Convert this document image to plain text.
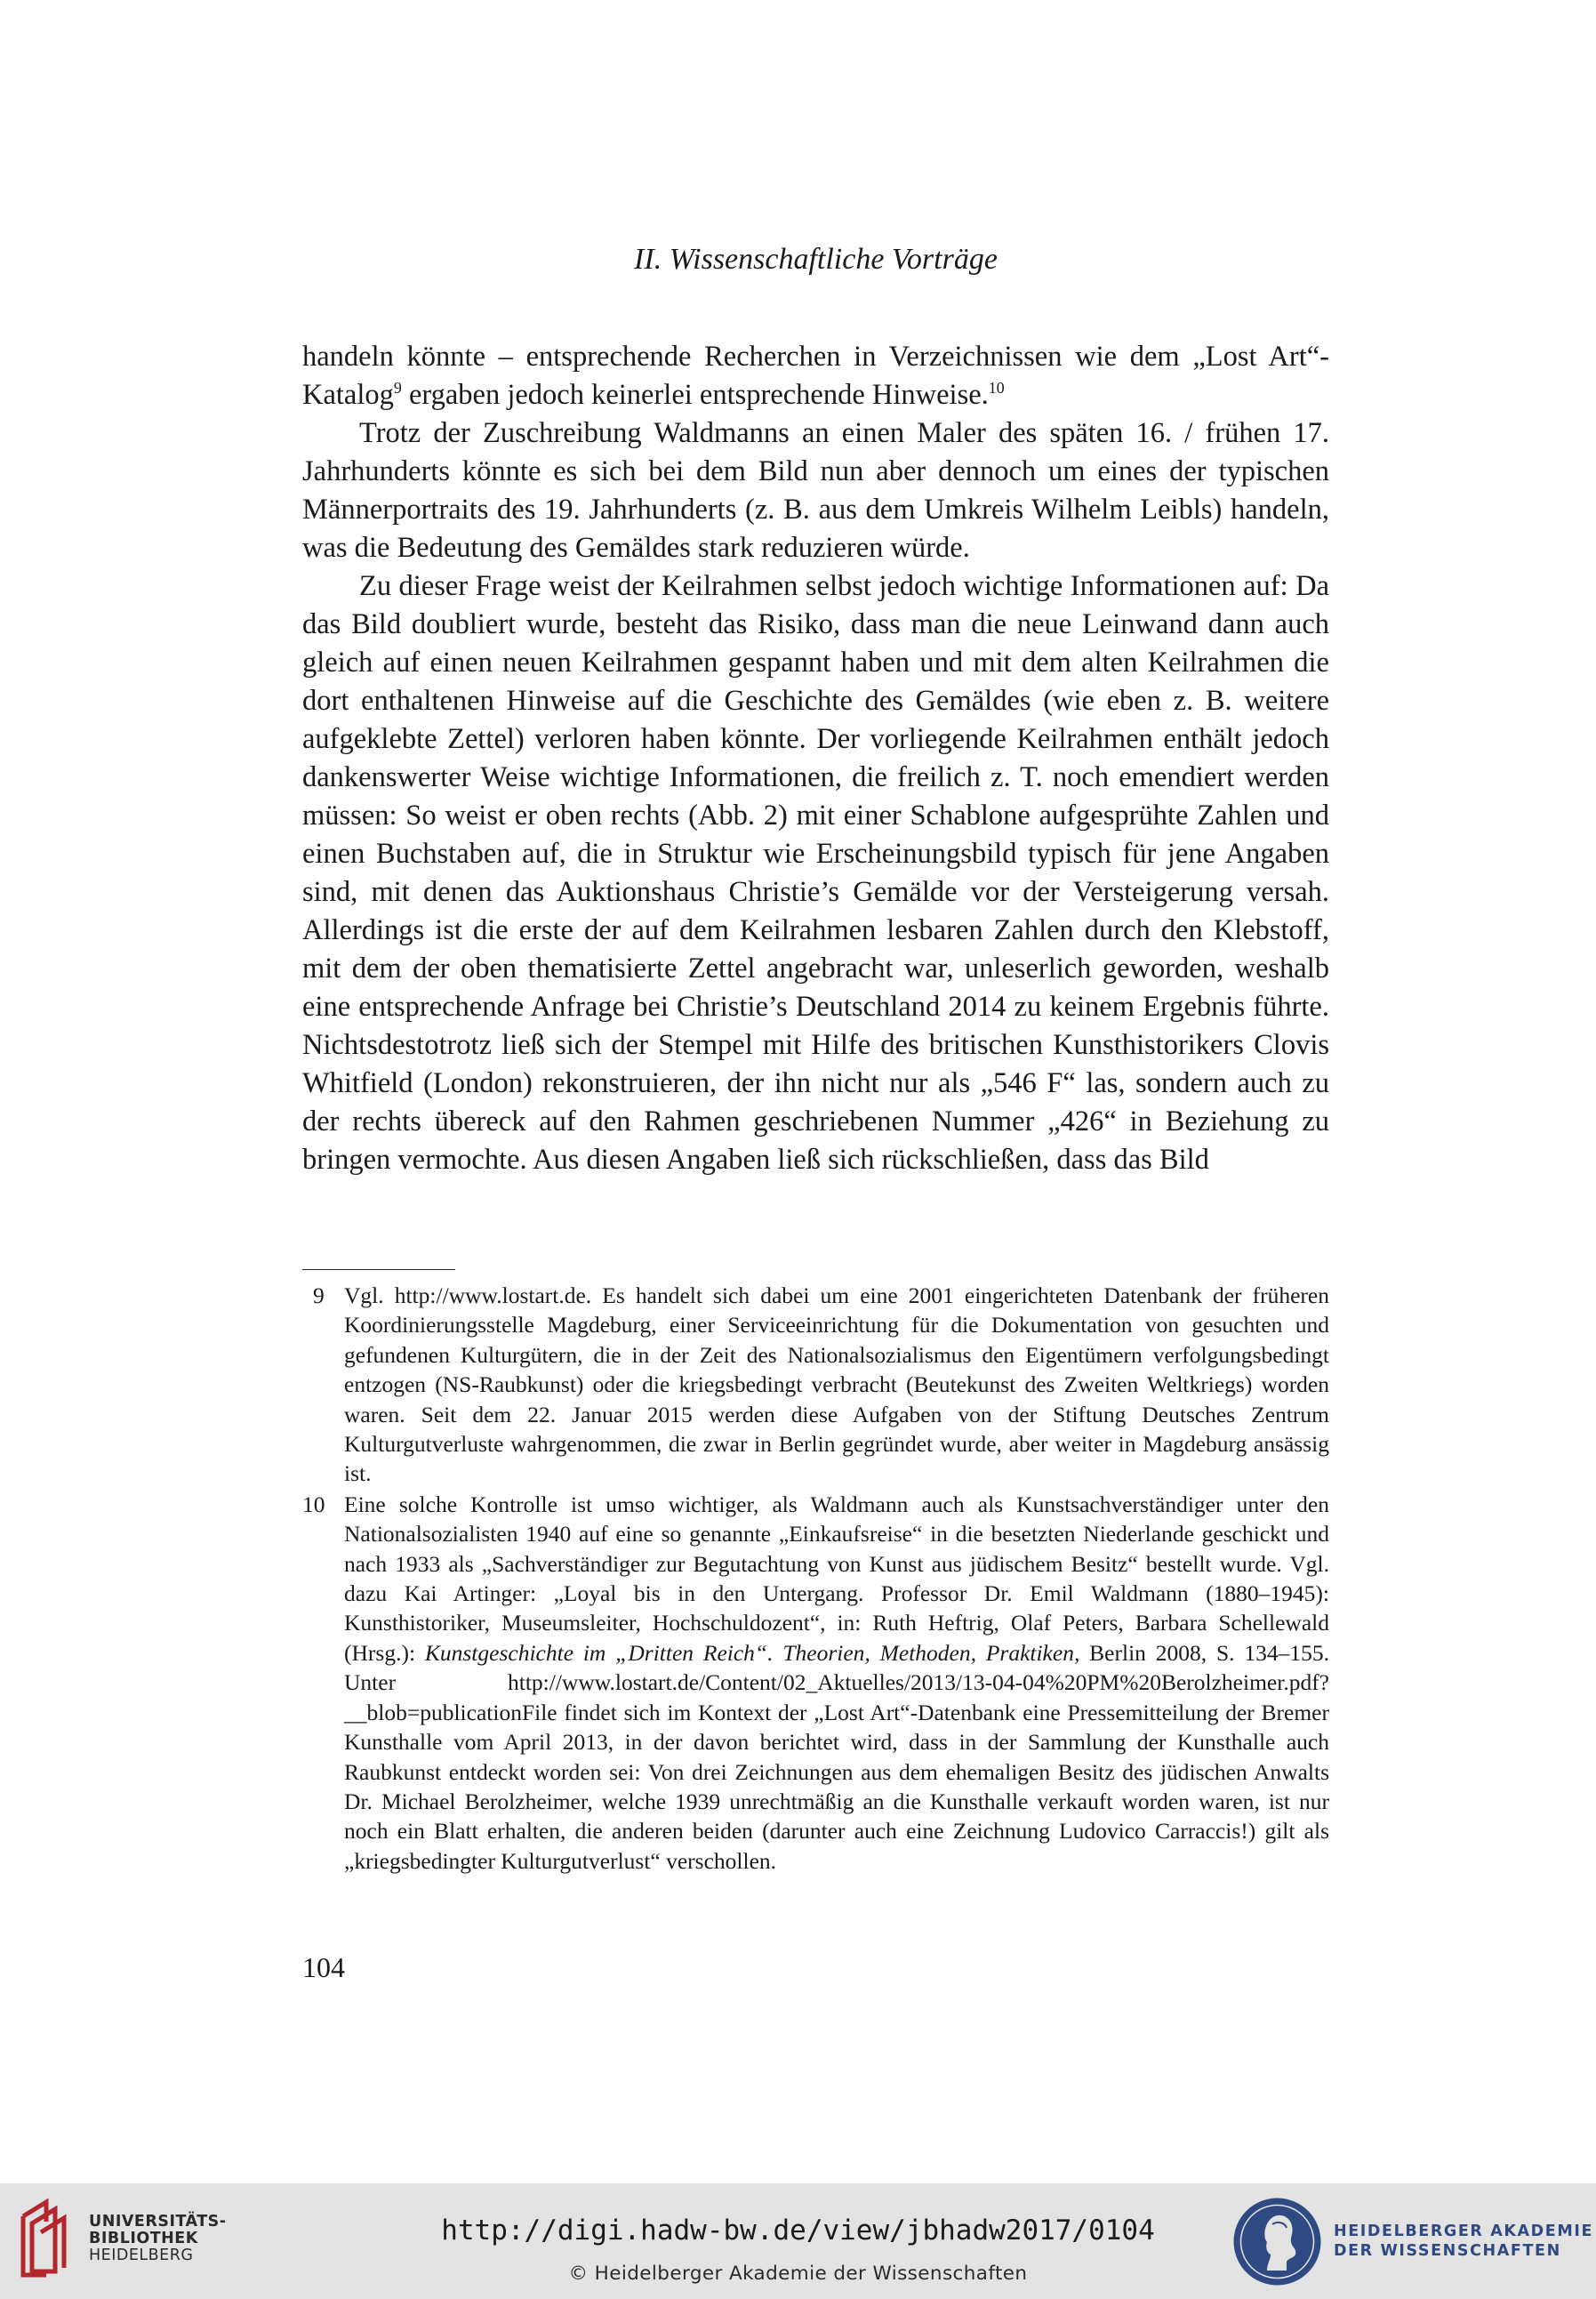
II. Wissenschaftliche Vorträge

handeln könnte – entsprechende Recherchen in Verzeichnissen wie dem „Lost Art“-Katalog$^9$ ergaben jedoch keinerlei entsprechende Hinweise.$^{10}$

Trotz der Zuschreibung Waldmanns an einen Maler des späten 16. / frühen 17. Jahrhunderts könnte es sich bei dem Bild nun aber dennoch um eines der typischen Männerportraits des 19. Jahrhunderts (z. B. aus dem Umkreis Wilhelm Leibls) handeln, was die Bedeutung des Gemäldes stark reduzieren würde.

Zu dieser Frage weist der Keilrahmen selbst jedoch wichtige Informationen auf: Da das Bild doubliert wurde, besteht das Risiko, dass man die neue Leinwand dann auch gleich auf einen neuen Keilrahmen gespannt haben und mit dem alten Keilrahmen die dort enthaltenen Hinweise auf die Geschichte des Gemäldes (wie eben z. B. weitere aufgeklebte Zettel) verloren haben könnte. Der vorliegende Keilrahmen enthält jedoch dankenswerter Weise wichtige Informationen, die freilich z. T. noch emendiert werden müssen: So weist er oben rechts (Abb. 2) mit einer Schablone aufgesprühte Zahlen und einen Buchstaben auf, die in Struktur wie Erscheinungsbild typisch für jene Angaben sind, mit denen das Auktionshaus Christie’s Gemälde vor der Versteigerung versah. Allerdings ist die erste der auf dem Keilrahmen lesbaren Zahlen durch den Klebstoff, mit dem der oben thematisierte Zettel angebracht war, unleserlich geworden, weshalb eine entsprechende Anfrage bei Christie’s Deutschland 2014 zu keinem Ergebnis führte. Nichtsdestotrotz ließ sich der Stempel mit Hilfe des britischen Kunsthistorikers Clovis Whitfield (London) rekonstruieren, der ihn nicht nur als „546 F“ las, sondern auch zu der rechts übereck auf den Rahmen geschriebenen Nummer „426“ in Beziehung zu bringen vermochte. Aus diesen Angaben ließ sich rückschließen, dass das Bild

9 Vgl. http://www.lostart.de. Es handelt sich dabei um eine 2001 eingerichteten Datenbank der früheren Koordinierungsstelle Magdeburg, einer Serviceeinrichtung für die Dokumentation von gesuchten und gefundenen Kulturgütern, die in der Zeit des Nationalsozialismus den Eigentümern verfolgungsbedingt entzogen (NS-Raubkunst) oder die kriegsbedingt verbracht (Beutekunst des Zweiten Weltkriegs) worden waren. Seit dem 22. Januar 2015 werden diese Aufgaben von der Stiftung Deutsches Zentrum Kulturgutverluste wahrgenommen, die zwar in Berlin gegründet wurde, aber weiter in Magdeburg ansässig ist.
10 Eine solche Kontrolle ist umso wichtiger, als Waldmann auch als Kunstsachverständiger unter den Nationalsozialisten 1940 auf eine so genannte „Einkaufsreise“ in die besetzten Niederlande geschickt und nach 1933 als „Sachverständiger zur Begutachtung von Kunst aus jüdischem Besitz“ bestellt wurde. Vgl. dazu Kai Artinger: „Loyal bis in den Untergang. Professor Dr. Emil Waldmann (1880–1945): Kunsthistoriker, Museumsleiter, Hochschuldozent“, in: Ruth Heftrig, Olaf Peters, Barbara Schellewald (Hrsg.): Kunstgeschichte im „Dritten Reich“. Theorien, Methoden, Praktiken, Berlin 2008, S. 134–155. Unter http://www.lostart.de/Content/02_Aktuelles/2013/13-04-04%20PM%20Berolzheimer.pdf?__blob=publicationFile findet sich im Kontext der „Lost Art“-Datenbank eine Pressemitteilung der Bremer Kunsthalle vom April 2013, in der davon berichtet wird, dass in der Sammlung der Kunsthalle auch Raubkunst entdeckt worden sei: Von drei Zeichnungen aus dem ehemaligen Besitz des jüdischen Anwalts Dr. Michael Berolzheimer, welche 1939 unrechtmäßig an die Kunsthalle verkauft worden waren, ist nur noch ein Blatt erhalten, die anderen beiden (darunter auch eine Zeichnung Ludovico Carraccis!) gilt als „kriegsbedingter Kulturgutverlust“ verschollen.
104
UNIVERSITÄTS-
BIBLIOTHEK
HEIDELBERG
http://digi.hadw-bw.de/view/jbhadw2017/0104
© Heidelberger Akademie der Wissenschaften
HEIDELBERGER AKADEMIE
DER WISSENSCHAFTEN
